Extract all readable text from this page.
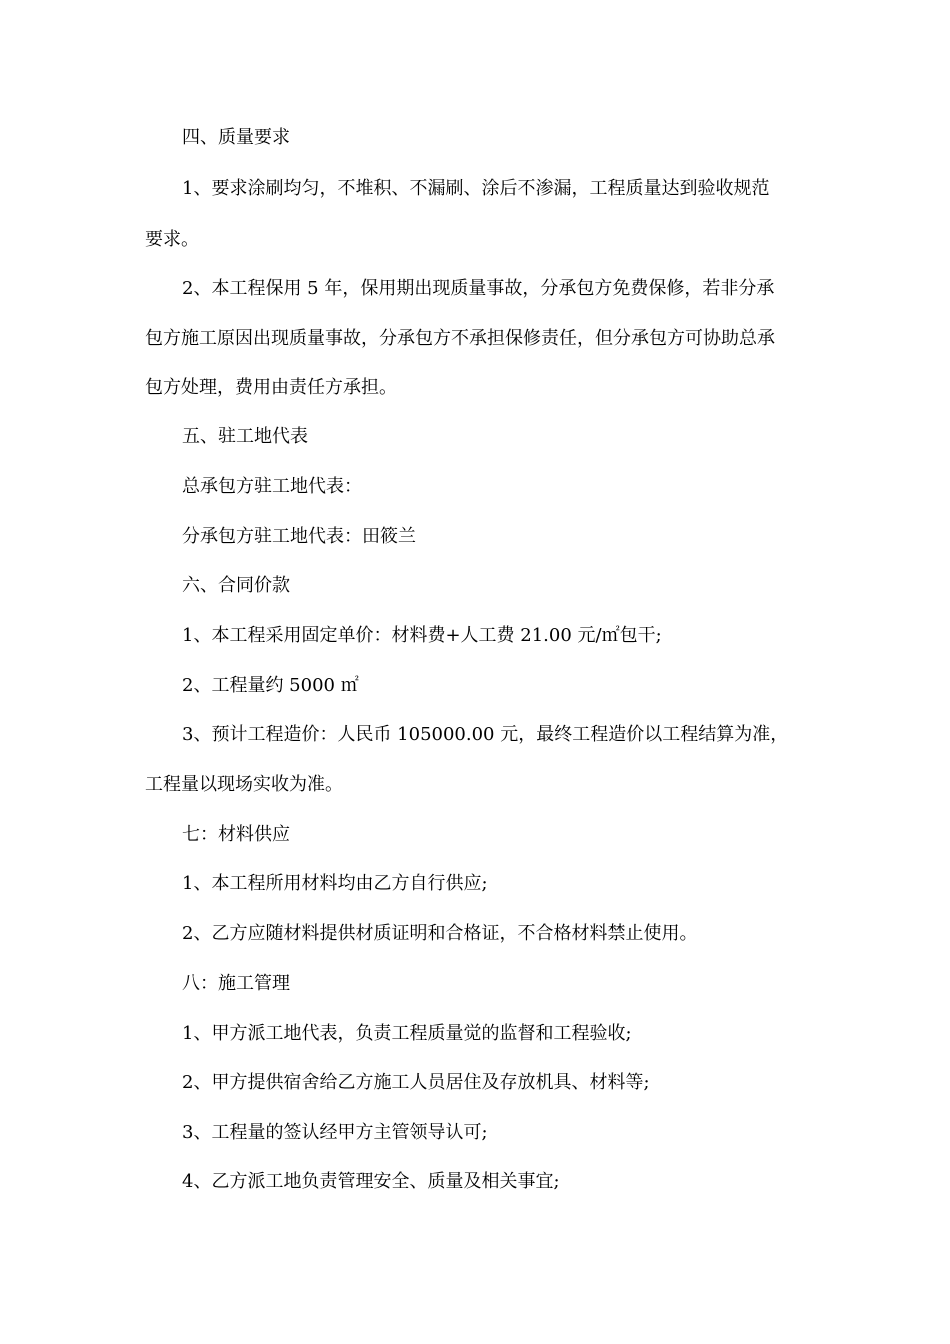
四、质量要求
1、要求涂刷均匀，不堆积、不漏刷、涂后不渗漏，工程质量达到验收规范
要求。
2、本工程保用 5 年，保用期出现质量事故，分承包方免费保修，若非分承
包方施工原因出现质量事故，分承包方不承担保修责任，但分承包方可协助总承
包方处理，费用由责任方承担。
五、驻工地代表
总承包方驻工地代表：
分承包方驻工地代表：田筱兰
六、合同价款
1、本工程采用固定单价：材料费+人工费 21.00 元/㎡包干;
2、工程量约 5000 ㎡
3、预计工程造价：人民币 105000.00 元，最终工程造价以工程结算为准，
工程量以现场实收为准。
七：材料供应
1、本工程所用材料均由乙方自行供应;
2、乙方应随材料提供材质证明和合格证，不合格材料禁止使用。
八：施工管理
1、甲方派工地代表，负责工程质量觉的监督和工程验收;
2、甲方提供宿舍给乙方施工人员居住及存放机具、材料等;
3、工程量的签认经甲方主管领导认可;
4、乙方派工地负责管理安全、质量及相关事宜;
